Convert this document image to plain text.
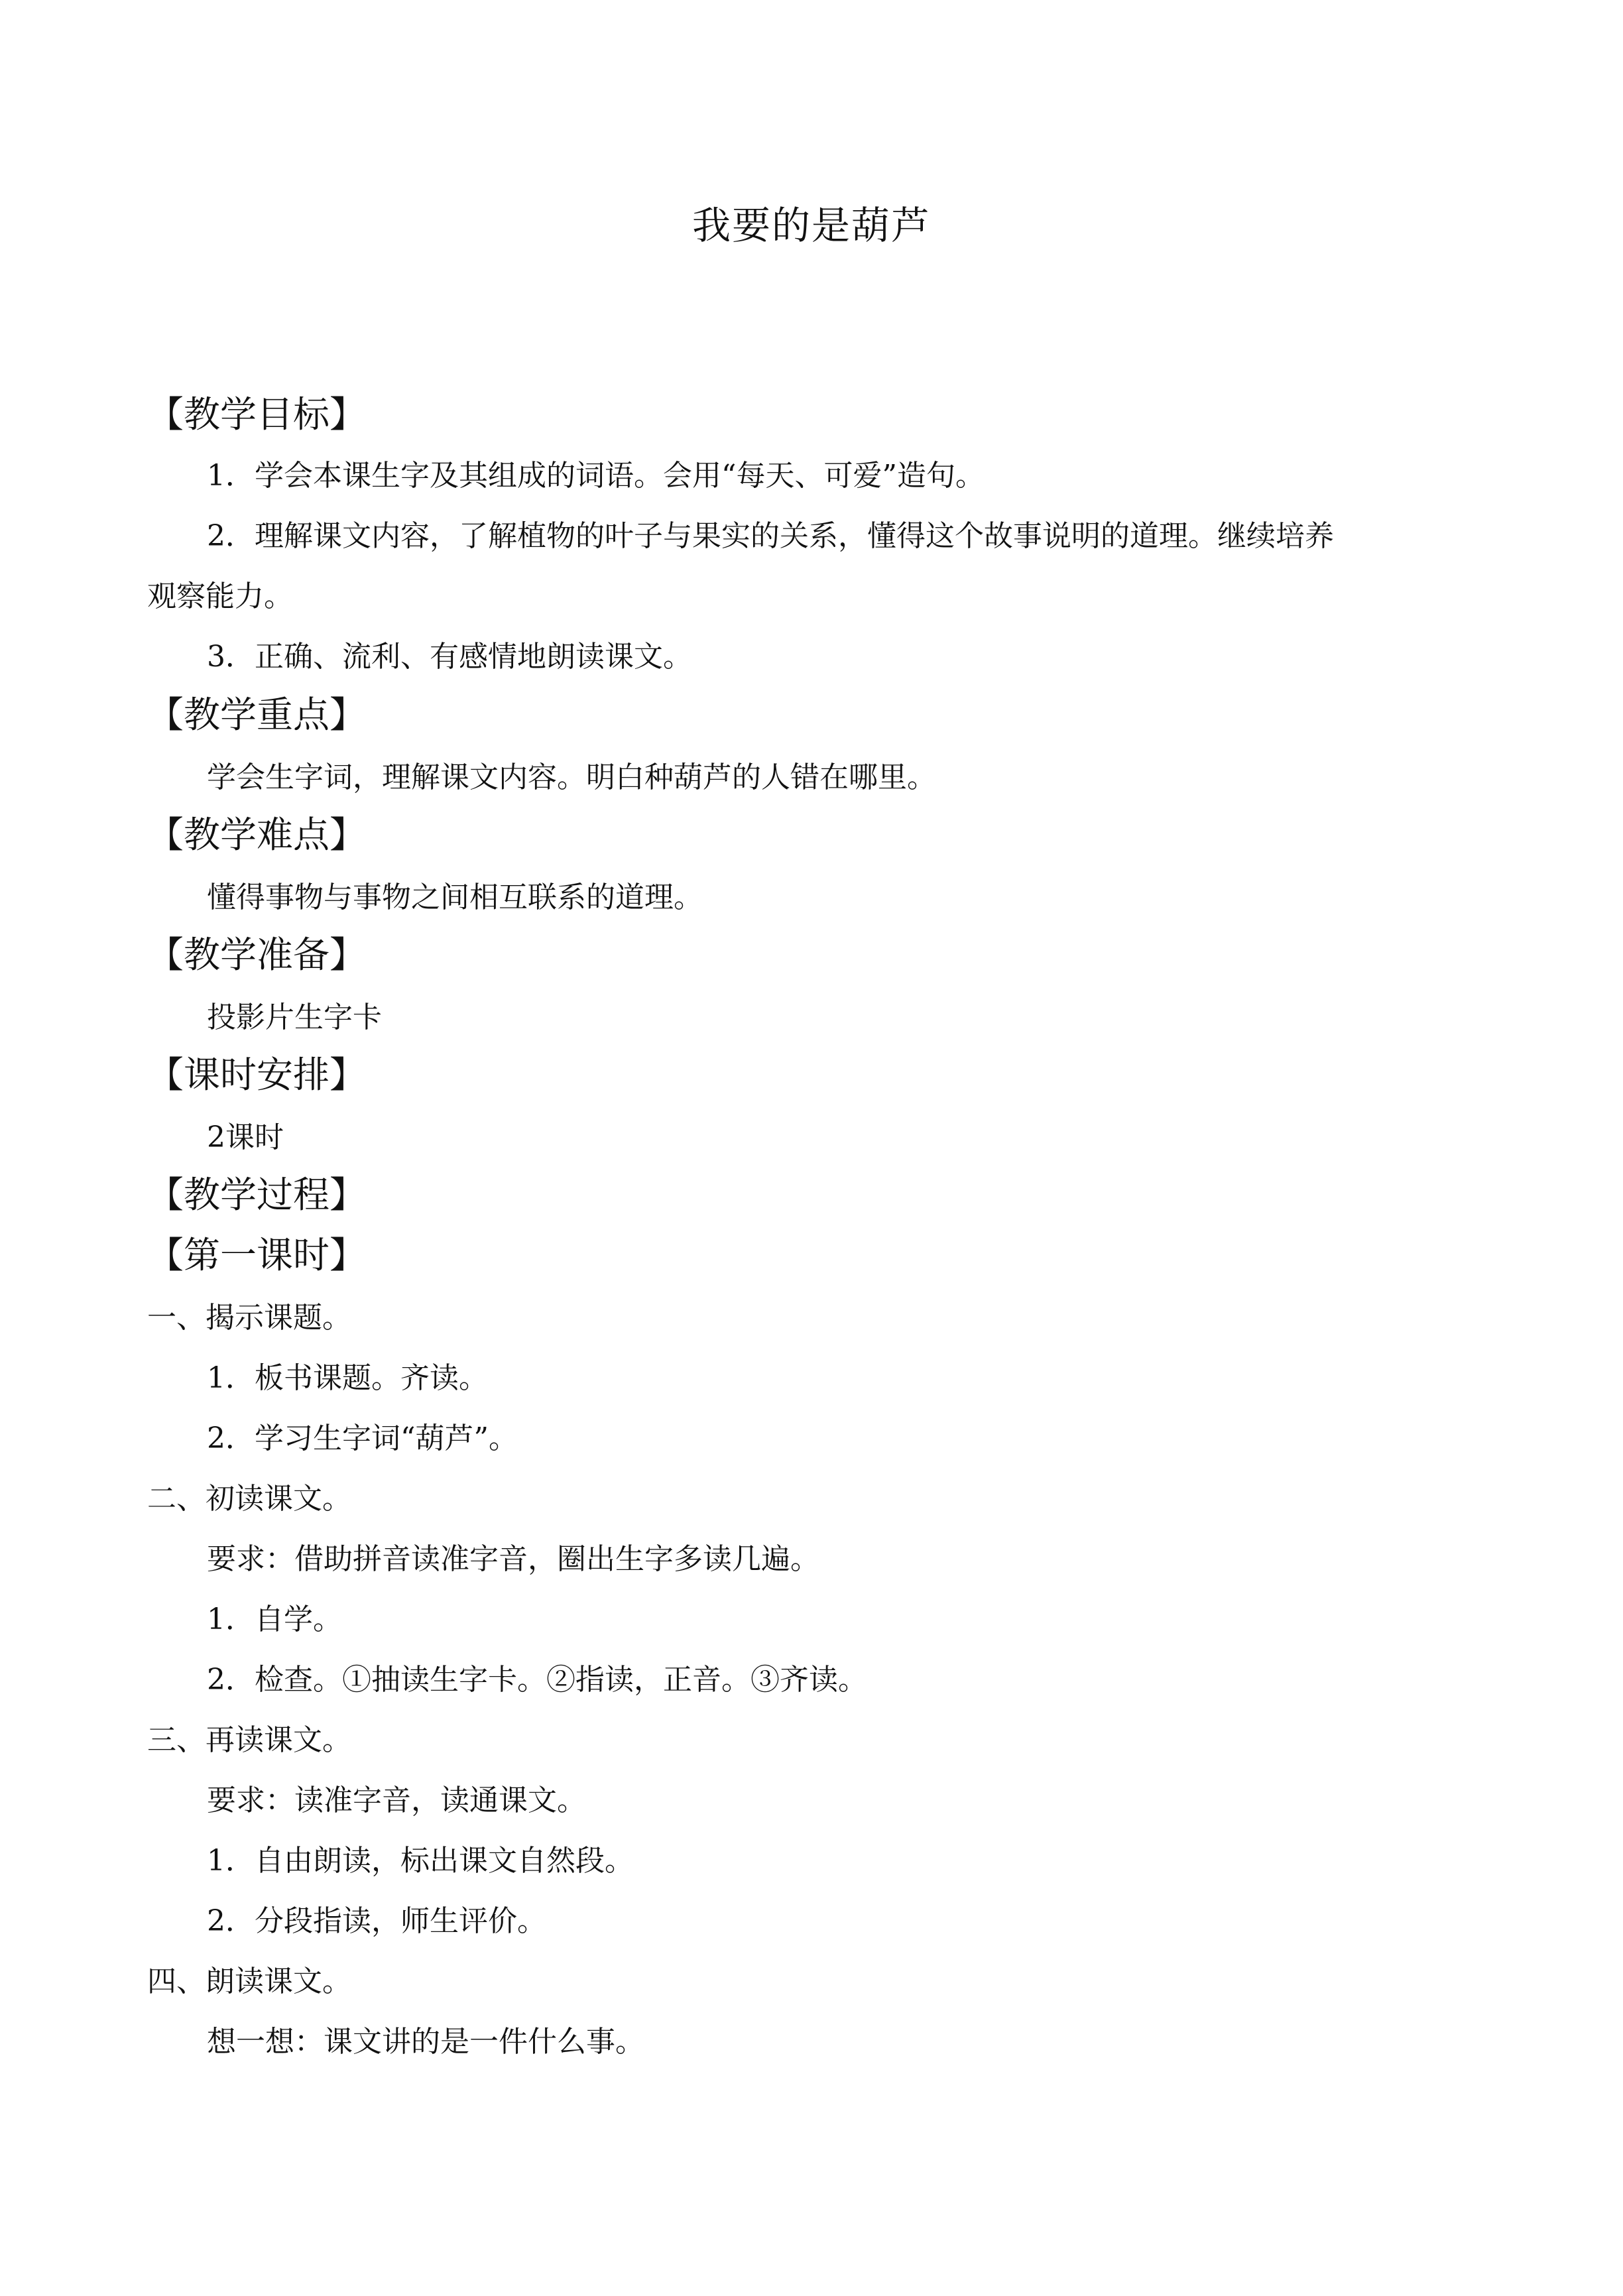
我要的是葫芦
【教学目标】
1．学会本课生字及其组成的词语。会用“每天、可爱”造句。
2．理解课文内容，了解植物的叶子与果实的关系，懂得这个故事说明的道理。继续培养
观察能力。
3．正确、流利、有感情地朗读课文。
【教学重点】
学会生字词，理解课文内容。明白种葫芦的人错在哪里。
【教学难点】
懂得事物与事物之间相互联系的道理。
【教学准备】
投影片生字卡
【课时安排】
2课时
【教学过程】
【第一课时】
一、揭示课题。
1．板书课题。齐读。
2．学习生字词“葫芦”。
二、初读课文。
要求：借助拼音读准字音，圈出生字多读几遍。
1．自学。
2．检查。①抽读生字卡。②指读，正音。③齐读。
三、再读课文。
要求：读准字音，读通课文。
1．自由朗读，标出课文自然段。
2．分段指读，师生评价。
四、朗读课文。
想一想：课文讲的是一件什么事。
